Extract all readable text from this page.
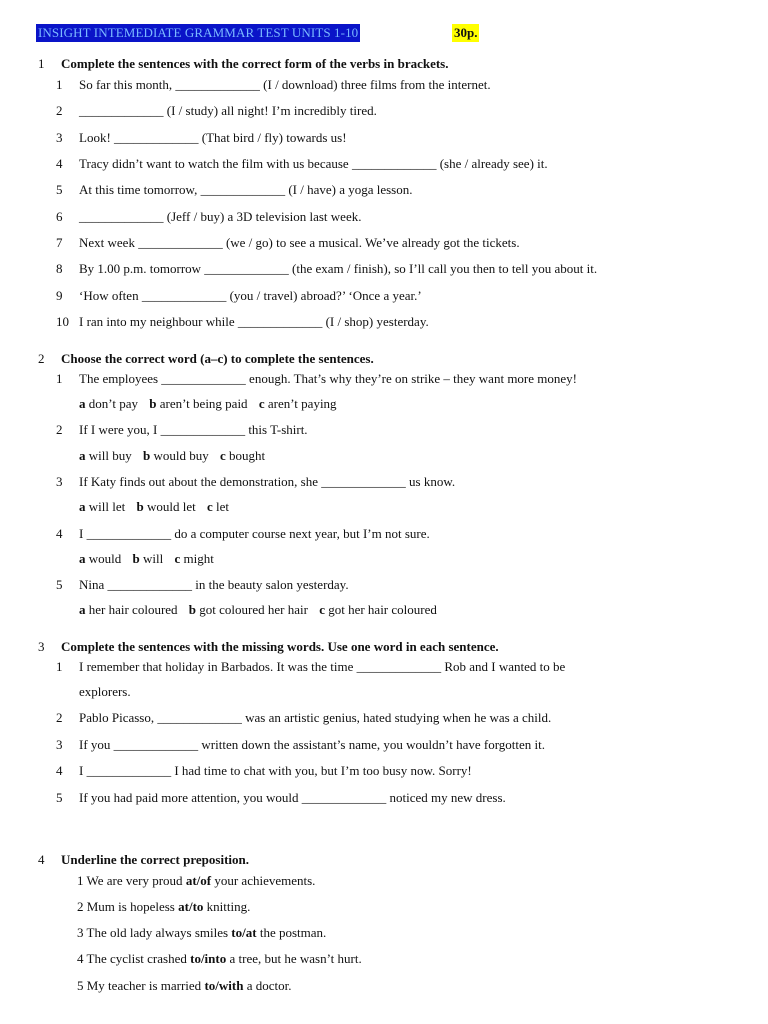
INSIGHT INTEMEDIATE GRAMMAR TEST UNITS 1-10	30p.
1 Complete the sentences with the correct form of the verbs in brackets.
1 So far this month, _____________ (I / download) three films from the internet.
2 _____________ (I / study) all night! I’m incredibly tired.
3 Look! _____________ (That bird / fly) towards us!
4 Tracy didn’t want to watch the film with us because _____________ (she / already see) it.
5 At this time tomorrow, _____________ (I / have) a yoga lesson.
6 _____________ (Jeff / buy) a 3D television last week.
7 Next week _____________ (we / go) to see a musical. We’ve already got the tickets.
8 By 1.00 p.m. tomorrow _____________ (the exam / finish), so I’ll call you then to tell you about it.
9 ‘How often _____________ (you / travel) abroad?’ ‘Once a year.’
10 I ran into my neighbour while _____________ (I / shop) yesterday.
2 Choose the correct word (a–c) to complete the sentences.
1 The employees _____________ enough. That’s why they’re on strike – they want more money!
a don’t pay b aren’t being paid c aren’t paying
2 If I were you, I _____________ this T-shirt.
a will buy b would buy c bought
3 If Katy finds out about the demonstration, she _____________ us know.
a will let b would let c let
4 I _____________ do a computer course next year, but I’m not sure.
a would b will c might
5 Nina _____________ in the beauty salon yesterday.
a her hair coloured b got coloured her hair c got her hair coloured
3 Complete the sentences with the missing words. Use one word in each sentence.
1 I remember that holiday in Barbados. It was the time _____________ Rob and I wanted to be
explorers.
2 Pablo Picasso, _____________ was an artistic genius, hated studying when he was a child.
3 If you _____________ written down the assistant’s name, you wouldn’t have forgotten it.
4 I _____________ I had time to chat with you, but I’m too busy now. Sorry!
5 If you had paid more attention, you would _____________ noticed my new dress.
4 Underline the correct preposition.
1 We are very proud at/of your achievements.
2 Mum is hopeless at/to knitting.
3 The old lady always smiles to/at the postman.
4 The cyclist crashed to/into a tree, but he wasn’t hurt.
5 My teacher is married to/with a doctor.
